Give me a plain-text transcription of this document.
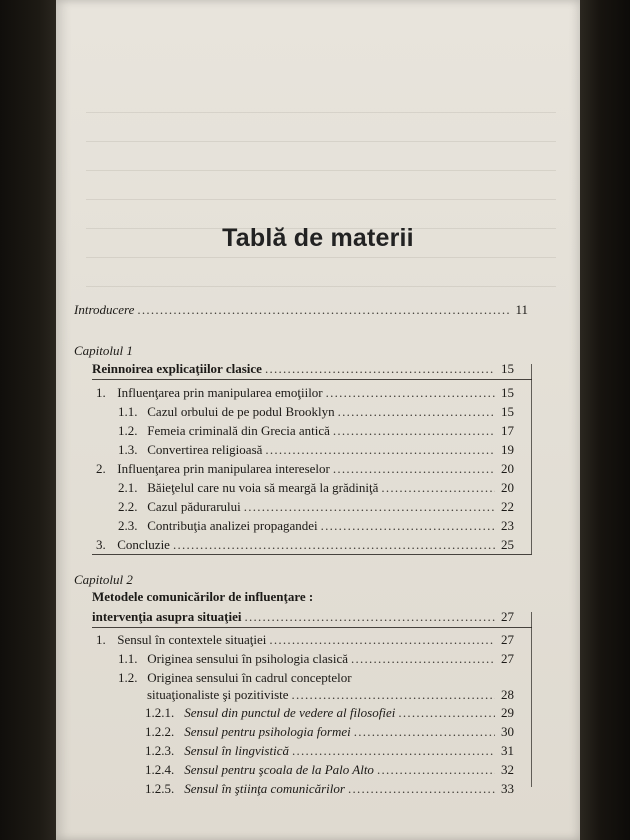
Tablă de materii
Introducere . . .	11
Capitolul 1
Reinnoirea explicaţiilor clasice . . .	15
1. Influenţarea prin manipularea emoţiilor . . .	15
1.1. Cazul orbului de pe podul Brooklyn . . .	15
1.2. Femeia criminală din Grecia antică . . .	17
1.3. Convertirea religioasă . . .	19
2. Influenţarea prin manipularea intereselor . . .	20
2.1. Băieţelul care nu voia să meargă la grădiniţă . . .	20
2.2. Cazul pădurarului . . .	22
2.3. Contribuţia analizei propagandei . . .	23
3. Concluzie . . .	25
Capitolul 2
Metodele comunicărilor de influenţare :
intervenţia asupra situaţiei . . .	27
1. Sensul în contextele situaţiei . . .	27
1.1. Originea sensului în psihologia clasică . . .	27
1.2. Originea sensului în cadrul conceptelor
situaţionaliste şi pozitiviste . . .	28
1.2.1. Sensul din punctul de vedere al filosofiei . . .	29
1.2.2. Sensul pentru psihologia formei . . .	30
1.2.3. Sensul în lingvistică . . .	31
1.2.4. Sensul pentru şcoala de la Palo Alto . . .	32
1.2.5. Sensul în ştiinţa comunicărilor . . .	33
